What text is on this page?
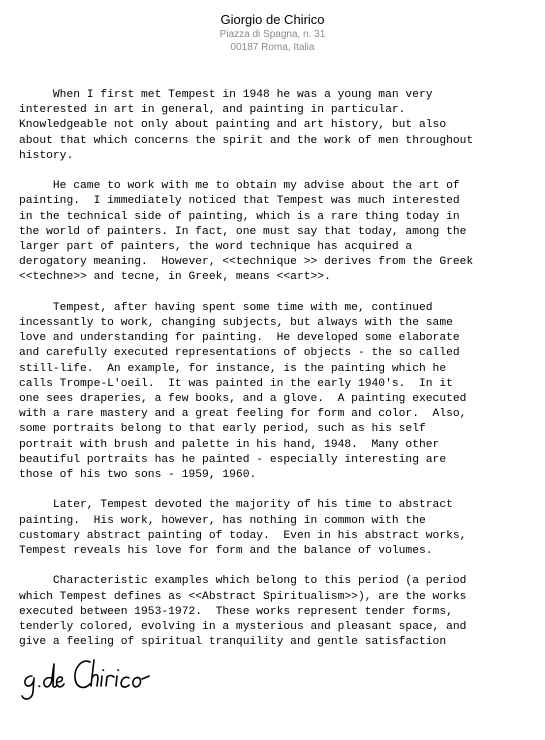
Giorgio de Chirico
Piazza di Spagna, n. 31
00187 Roma, Italia

When I first met Tempest in 1948 he was a young man very
interested in art in general, and painting in particular.
Knowledgeable not only about painting and art history, but also
about that which concerns the spirit and the work of men throughout
history.

He came to work with me to obtain my advise about the art of
painting.  I immediately noticed that Tempest was much interested
in the technical side of painting, which is a rare thing today in
the world of painters. In fact, one must say that today, among the
larger part of painters, the word technique has acquired a
derogatory meaning.  However, <<technique >> derives from the Greek
<<techne>> and tecne, in Greek, means <<art>>.

Tempest, after having spent some time with me, continued
incessantly to work, changing subjects, but always with the same
love and understanding for painting.  He developed some elaborate
and carefully executed representations of objects - the so called
still-life.  An example, for instance, is the painting which he
calls Trompe-L'oeil.  It was painted in the early 1940's.  In it
one sees draperies, a few books, and a glove.  A painting executed
with a rare mastery and a great feeling for form and color.  Also,
some portraits belong to that early period, such as his self
portrait with brush and palette in his hand, 1948.  Many other
beautiful portraits has he painted - especially interesting are
those of his two sons - 1959, 1960.

Later, Tempest devoted the majority of his time to abstract
painting.  His work, however, has nothing in common with the
customary abstract painting of today.  Even in his abstract works,
Tempest reveals his love for form and the balance of volumes.

Characteristic examples which belong to this period (a period
which Tempest defines as <<Abstract Spiritualism>>), are the works
executed between 1953-1972.  These works represent tender forms,
tenderly colored, evolving in a mysterious and pleasant space, and
give a feeling of spiritual tranquility and gentle satisfaction
